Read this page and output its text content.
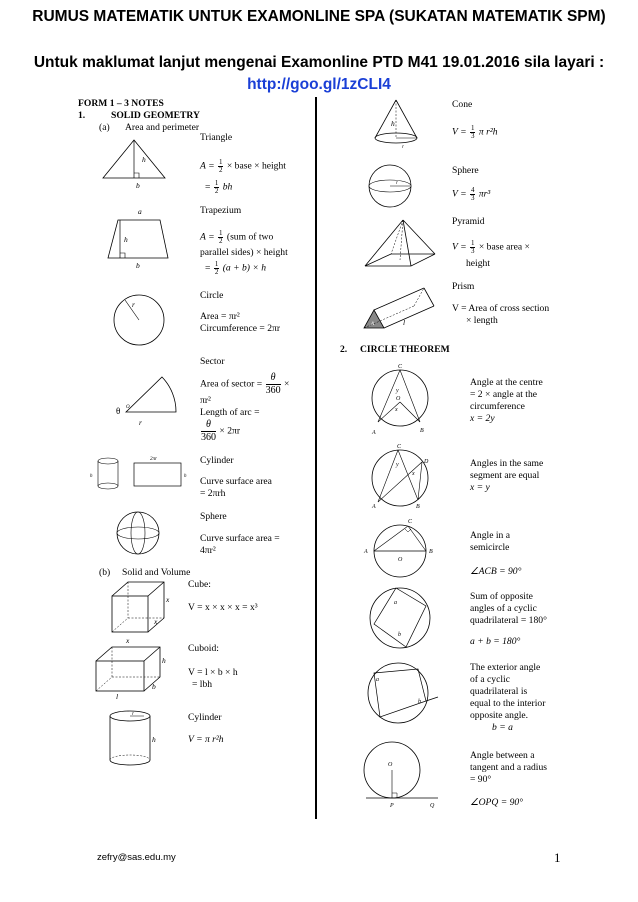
RUMUS MATEMATIK UNTUK EXAMONLINE SPA (SUKATAN MATEMATIK SPM)
Untuk maklumat lanjut mengenai Examonline PTD M41 19.01.2016 sila layari :
http://goo.gl/1zCLI4
FORM 1 – 3 NOTES
1.	SOLID GEOMETRY
(a) Area and perimeter
h
b
Triangle
$A = \frac{1}{2}$ × base × height
= $\frac{1}{2}$ bh
a
h
b
Trapezium
$A = \frac{1}{2} (sum$ of two
parallel sides) × height
= $\frac{1}{2} (a + b) \times h$
r
Circle
Area = πr²
Circumference = 2πr
θ O
r
Sector
Area of sector = $\frac{\theta}{360}$ ×
πr²
Length of arc =
$\frac{\theta}{360} \times 2\pi r$
h
2πr
h
Cylinder
Curve surface area
= 2πrh
Sphere
Curve surface area =
4πr²
(b) Solid and Volume
x
x
x
Cube:
V = x × x × x = x³
h
b
l
Cuboid:
V = l × b × h
= lbh
r
h
Cylinder
V = π r²h
h
r
Cone
$V = \frac{1}{3}$ π r²h
r
Sphere
$V = \frac{4}{3} \pi r^3$
Pyramid
$V = \frac{1}{3}$ × base area ×
height
A	l
Prism
V = Area of cross section
× length
2. CIRCLE THEOREM
C
y
O
x
A	B
Angle at the centre
= 2 × angle at the
circumference
x = 2y
C
D
y
x
A	B
Angles in the same
segment are equal
x = y
C
A	B
O
Angle in a
semicircle
∠ACB = 90°
a
b
Sum of opposite
angles of a cyclic
quadrilateral = 180°
a + b = 180°
a
b
The exterior angle
of a cyclic
quadrilateral is
equal to the interior
opposite angle.
b = a
O
P	Q
Angle between a
tangent and a radius
= 90°
∠OPQ = 90°
zefry@sas.edu.my	1
